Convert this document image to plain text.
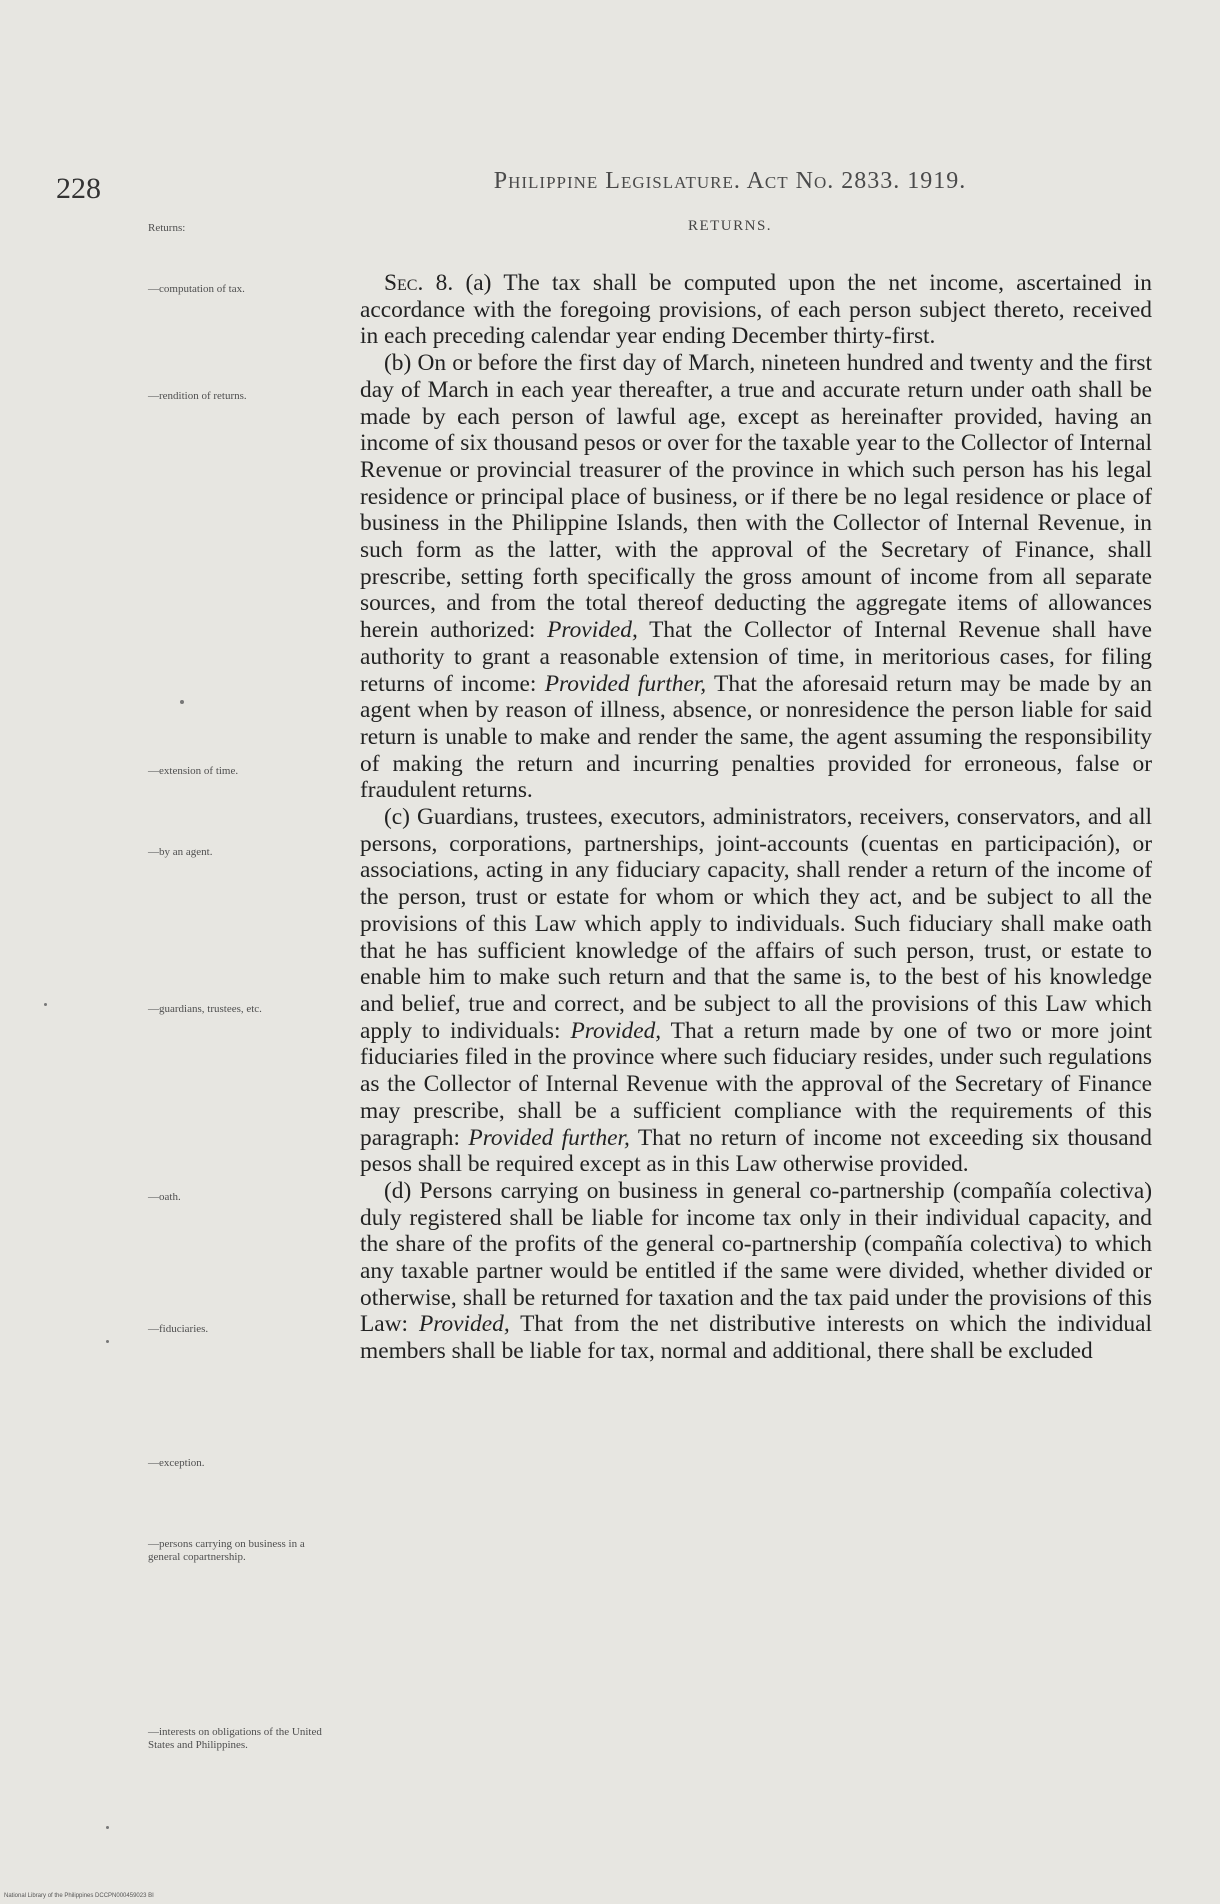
228	Philippine Legislature. Act No. 2833. 1919.
RETURNS.
Returns:
—computation of tax.
—rendition of returns.
—extension of time.
—by an agent.
—guardians, trustees, etc.
—oath.
—fiduciaries.
—exception.
—persons carrying on business in a general copartnership.
—interests on obligations of the United States and Philippines.

Sec. 8. (a) The tax shall be computed upon the net income, ascertained in accordance with the foregoing provisions, of each person subject thereto, received in each preceding calendar year ending December thirty-first.

(b) On or before the first day of March, nineteen hundred and twenty and the first day of March in each year thereafter, a true and accurate return under oath shall be made by each person of lawful age, except as hereinafter provided, having an income of six thousand pesos or over for the taxable year to the Collector of Internal Revenue or provincial treasurer of the province in which such person has his legal residence or principal place of business, or if there be no legal residence or place of business in the Philippine Islands, then with the Collector of Internal Revenue, in such form as the latter, with the approval of the Secretary of Finance, shall prescribe, setting forth specifically the gross amount of income from all separate sources, and from the total thereof deducting the aggregate items of allowances herein authorized: Provided, That the Collector of Internal Revenue shall have authority to grant a reasonable extension of time, in meritorious cases, for filing returns of income: Provided further, That the aforesaid return may be made by an agent when by reason of illness, absence, or nonresidence the person liable for said return is unable to make and render the same, the agent assuming the responsibility of making the return and incurring penalties provided for erroneous, false or fraudulent returns.

(c) Guardians, trustees, executors, administrators, receivers, conservators, and all persons, corporations, partnerships, joint-accounts (cuentas en participación), or associations, acting in any fiduciary capacity, shall render a return of the income of the person, trust or estate for whom or which they act, and be subject to all the provisions of this Law which apply to individuals. Such fiduciary shall make oath that he has sufficient knowledge of the affairs of such person, trust, or estate to enable him to make such return and that the same is, to the best of his knowledge and belief, true and correct, and be subject to all the provisions of this Law which apply to individuals: Provided, That a return made by one of two or more joint fiduciaries filed in the province where such fiduciary resides, under such regulations as the Collector of Internal Revenue with the approval of the Secretary of Finance may prescribe, shall be a sufficient compliance with the requirements of this paragraph: Provided further, That no return of income not exceeding six thousand pesos shall be required except as in this Law otherwise provided.

(d) Persons carrying on business in general co-partnership (compañía colectiva) duly registered shall be liable for income tax only in their individual capacity, and the share of the profits of the general co-partnership (compañía colectiva) to which any taxable partner would be entitled if the same were divided, whether divided or otherwise, shall be returned for taxation and the tax paid under the provisions of this Law: Provided, That from the net distributive interests on which the individual members shall be liable for tax, normal and additional, there shall be excluded

National Library of the Philippines DCCPN000459023 BI
